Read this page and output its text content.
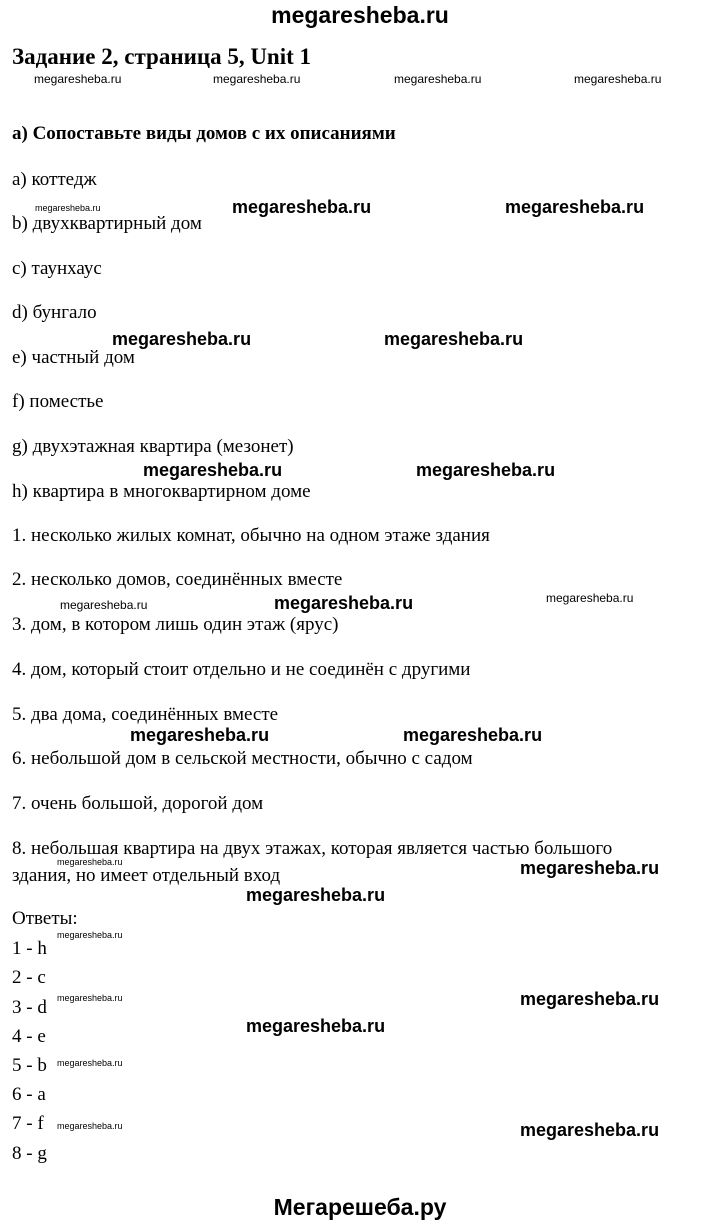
megaresheba.ru
Задание 2, страница 5, Unit 1
megaresheba.ru	megaresheba.ru	megaresheba.ru	megaresheba.ru
a) Сопоставьте виды домов с их описаниями
a) коттедж
b) двухквартирный дом
c) таунхаус
d) бунгало
e) частный дом
f) поместье
g) двухэтажная квартира (мезонет)
h) квартира в многоквартирном доме
1. несколько жилых комнат, обычно на одном этаже здания
2. несколько домов, соединённых вместе
3. дом, в котором лишь один этаж (ярус)
4. дом, который стоит отдельно и не соединён с другими
5. два дома, соединённых вместе
6. небольшой дом в сельской местности, обычно с садом
7. очень большой, дорогой дом
8. небольшая квартира на двух этажах, которая является частью большого
здания, но имеет отдельный вход
Ответы:
1 - h
2 - c
3 - d
4 - e
5 - b
6 - a
7 - f
8 - g
megaresheba.ru	megaresheba.ru
megaresheba.ru	megaresheba.ru
megaresheba.ru	megaresheba.ru
megaresheba.ru
megaresheba.ru	megaresheba.ru
megaresheba.ru
megaresheba.ru
megaresheba.ru
megaresheba.ru
megaresheba.ru
megaresheba.ru	megaresheba.ru
megaresheba.ru
megaresheba.ru
megaresheba.ru
megaresheba.ru
megaresheba.ru
megaresheba.ru
Мегарешеба.ру
